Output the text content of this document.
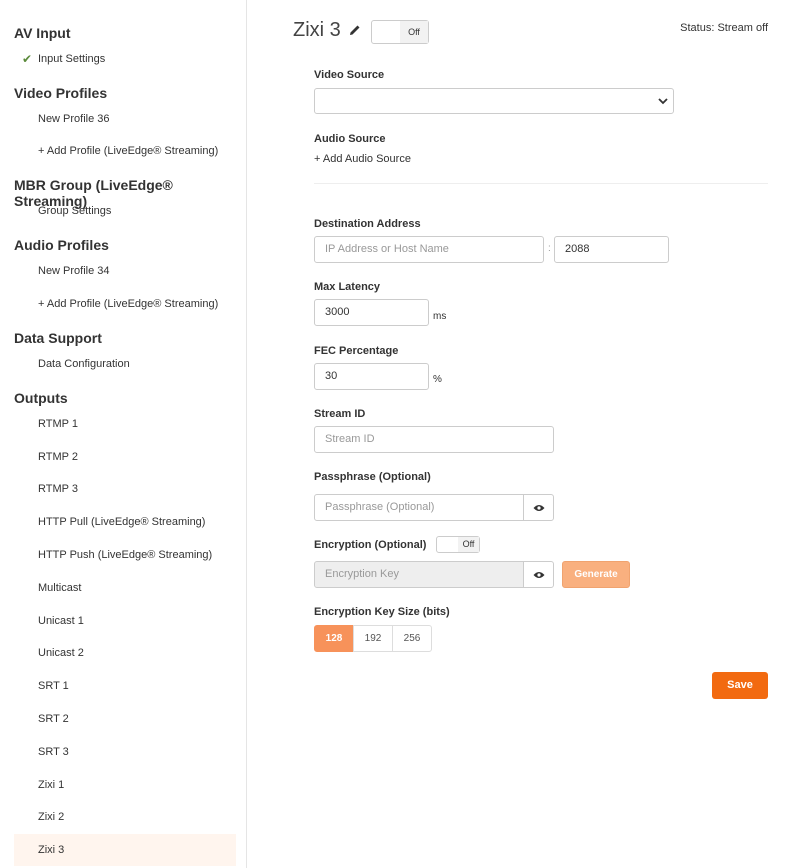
AV Input
✔ Input Settings
Video Profiles
New Profile 36
+ Add Profile (LiveEdge® Streaming)
MBR Group (LiveEdge® Streaming)
Group Settings
Audio Profiles
New Profile 34
+ Add Profile (LiveEdge® Streaming)
Data Support
Data Configuration
Outputs
RTMP 1
RTMP 2
RTMP 3
HTTP Pull (LiveEdge® Streaming)
HTTP Push (LiveEdge® Streaming)
Multicast
Unicast 1
Unicast 2
SRT 1
SRT 2
SRT 3
Zixi 1
Zixi 2
Zixi 3
Zixi 3	Off	Status: Stream off
Video Source
Audio Source
+ Add Audio Source
Destination Address
IP Address or Host Name	:	2088
Max Latency
3000	ms
FEC Percentage
30	%
Stream ID
Stream ID
Passphrase (Optional)
Passphrase (Optional)
Encryption (Optional)	Off
Encryption Key	Generate
Encryption Key Size (bits)
128	192	256
Save
